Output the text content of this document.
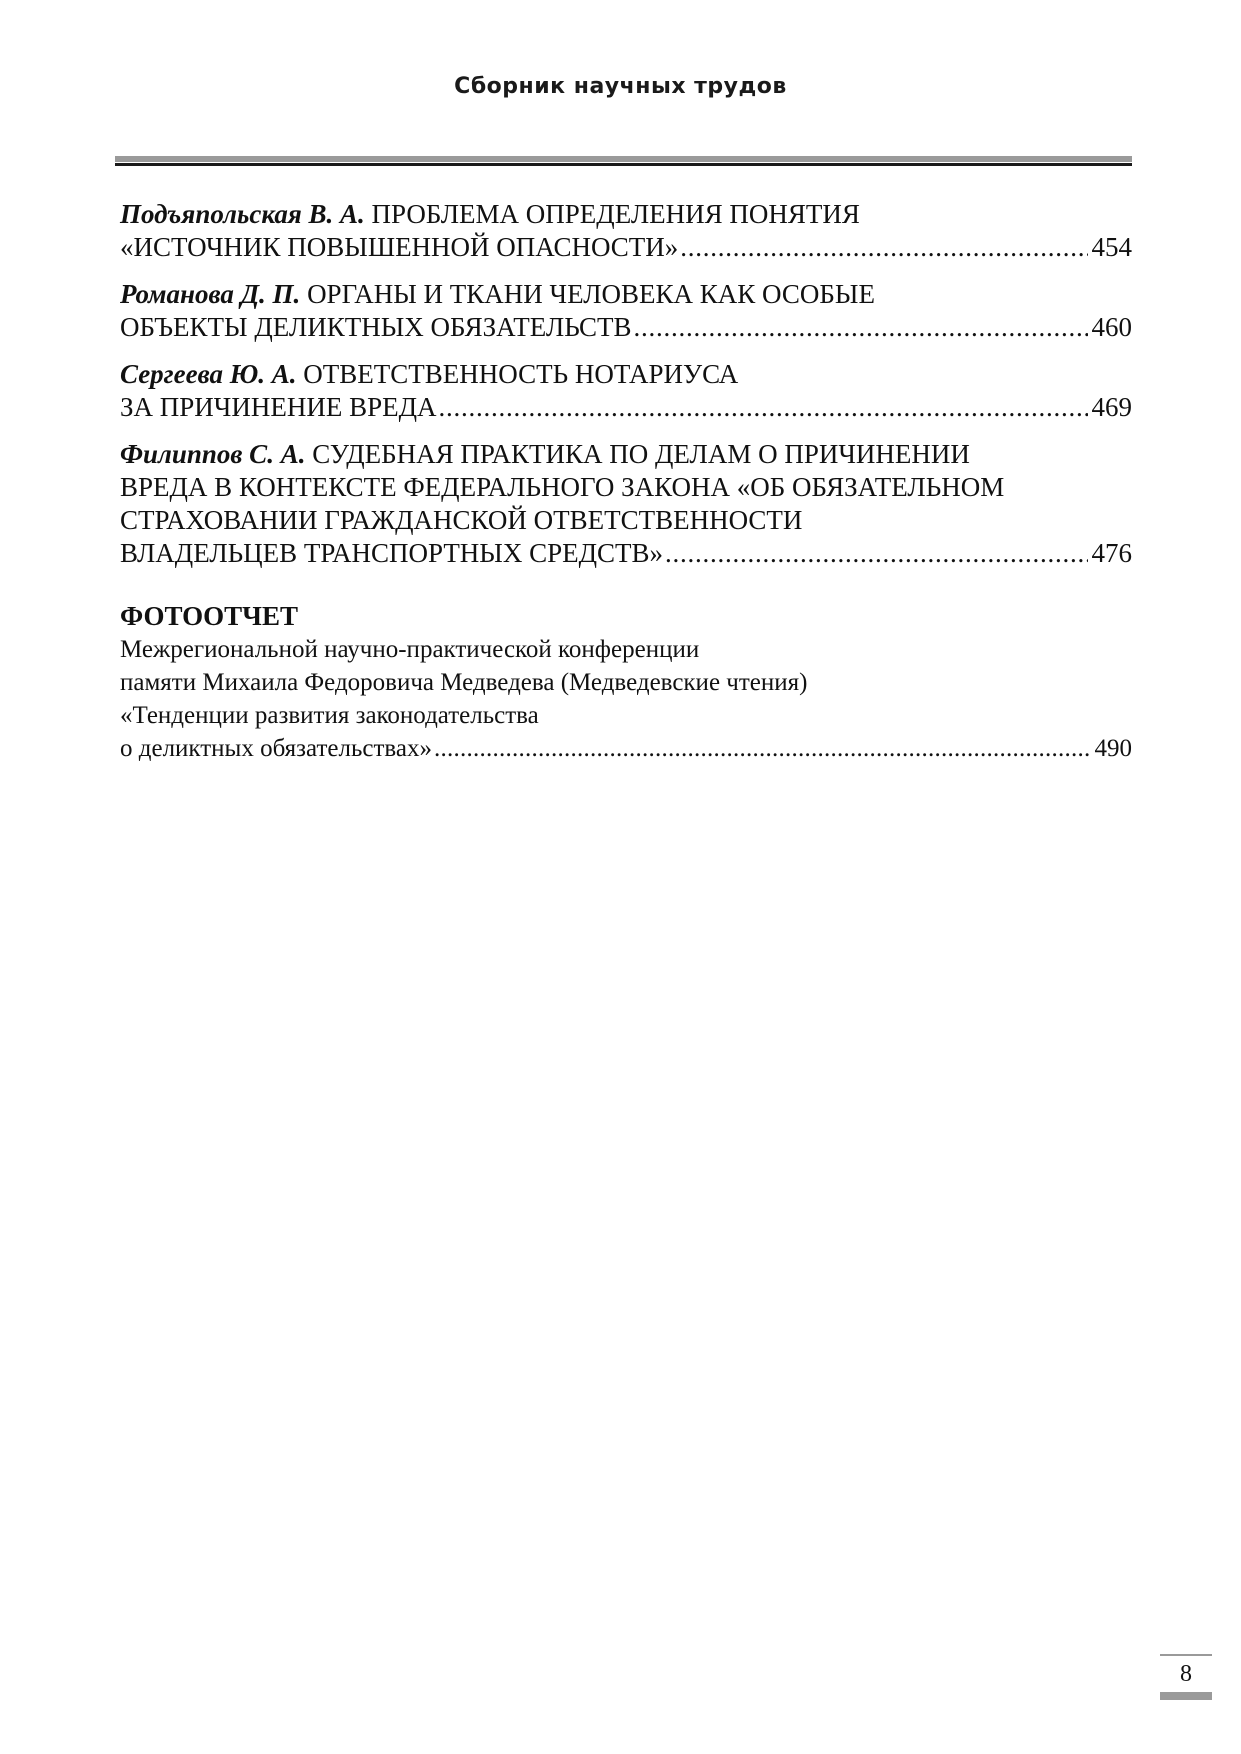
Сборник научных трудов
Подъяпольская В. А. ПРОБЛЕМА ОПРЕДЕЛЕНИЯ ПОНЯТИЯ
«ИСТОЧНИК ПОВЫШЕННОЙ ОПАСНОСТИ» . . .	454
Романова Д. П. ОРГАНЫ И ТКАНИ ЧЕЛОВЕКА КАК ОСОБЫЕ
ОБЪЕКТЫ ДЕЛИКТНЫХ ОБЯЗАТЕЛЬСТВ . . .	460
Сергеева Ю. А. ОТВЕТСТВЕННОСТЬ НОТАРИУСА
ЗА ПРИЧИНЕНИЕ ВРЕДА . . .	469
Филиппов С. А. СУДЕБНАЯ ПРАКТИКА ПО ДЕЛАМ О ПРИЧИНЕНИИ
ВРЕДА В КОНТЕКСТЕ ФЕДЕРАЛЬНОГО ЗАКОНА «ОБ ОБЯЗАТЕЛЬНОМ
СТРАХОВАНИИ ГРАЖДАНСКОЙ ОТВЕТСТВЕННОСТИ
ВЛАДЕЛЬЦЕВ ТРАНСПОРТНЫХ СРЕДСТВ» . . .	476
ФОТООТЧЕТ
Межрегиональной научно-практической конференции
памяти Михаила Федоровича Медведева (Медведевские чтения)
«Тенденции развития законодательства
о деликтных обязательствах» . . .	490
8
